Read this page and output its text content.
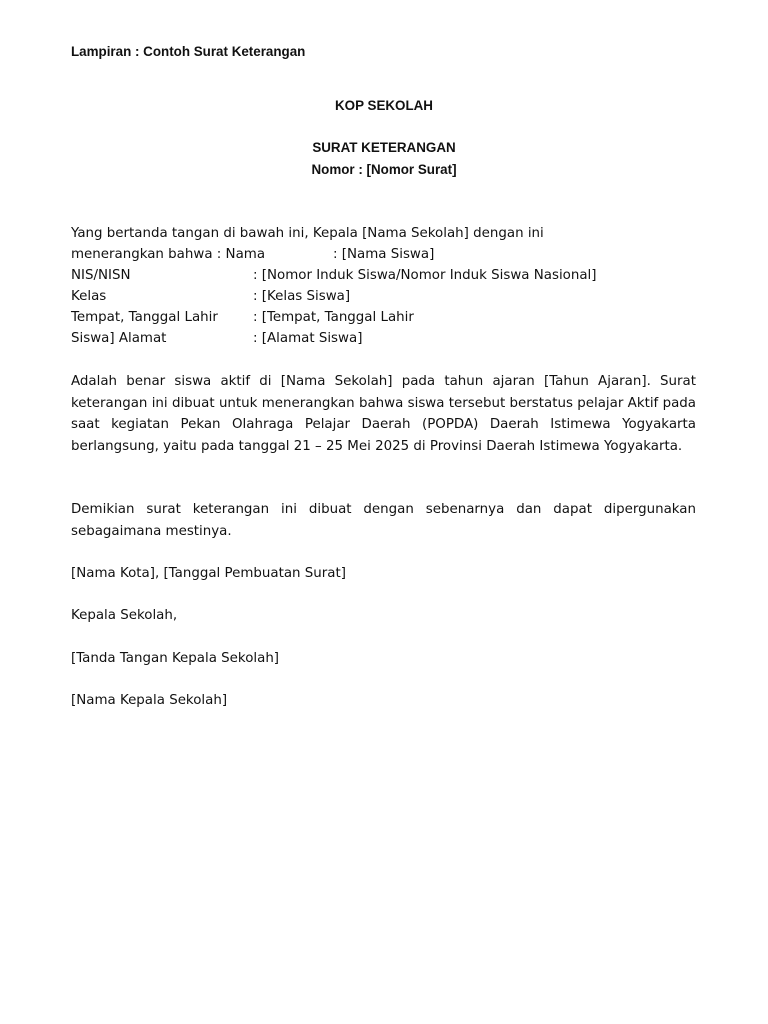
Lampiran : Contoh Surat Keterangan
KOP SEKOLAH
SURAT KETERANGAN
Nomor : [Nomor Surat]
Yang bertanda tangan di bawah ini, Kepala [Nama Sekolah] dengan ini
menerangkan bahwa : Nama	: [Nama Siswa]
NIS/NISN	: [Nomor Induk Siswa/Nomor Induk Siswa Nasional]
Kelas	: [Kelas Siswa]
Tempat, Tanggal Lahir	: [Tempat, Tanggal Lahir
Siswa] Alamat	: [Alamat Siswa]
Adalah benar siswa aktif di [Nama Sekolah] pada tahun ajaran [Tahun Ajaran]. Surat keterangan ini dibuat untuk menerangkan bahwa siswa tersebut berstatus pelajar Aktif pada saat kegiatan Pekan Olahraga Pelajar Daerah (POPDA) Daerah Istimewa Yogyakarta berlangsung, yaitu pada tanggal 21 – 25 Mei 2025 di Provinsi Daerah Istimewa Yogyakarta.
Demikian surat keterangan ini dibuat dengan sebenarnya dan dapat dipergunakan sebagaimana mestinya.
[Nama Kota], [Tanggal Pembuatan Surat]
Kepala Sekolah,
[Tanda Tangan Kepala Sekolah]
[Nama Kepala Sekolah]
